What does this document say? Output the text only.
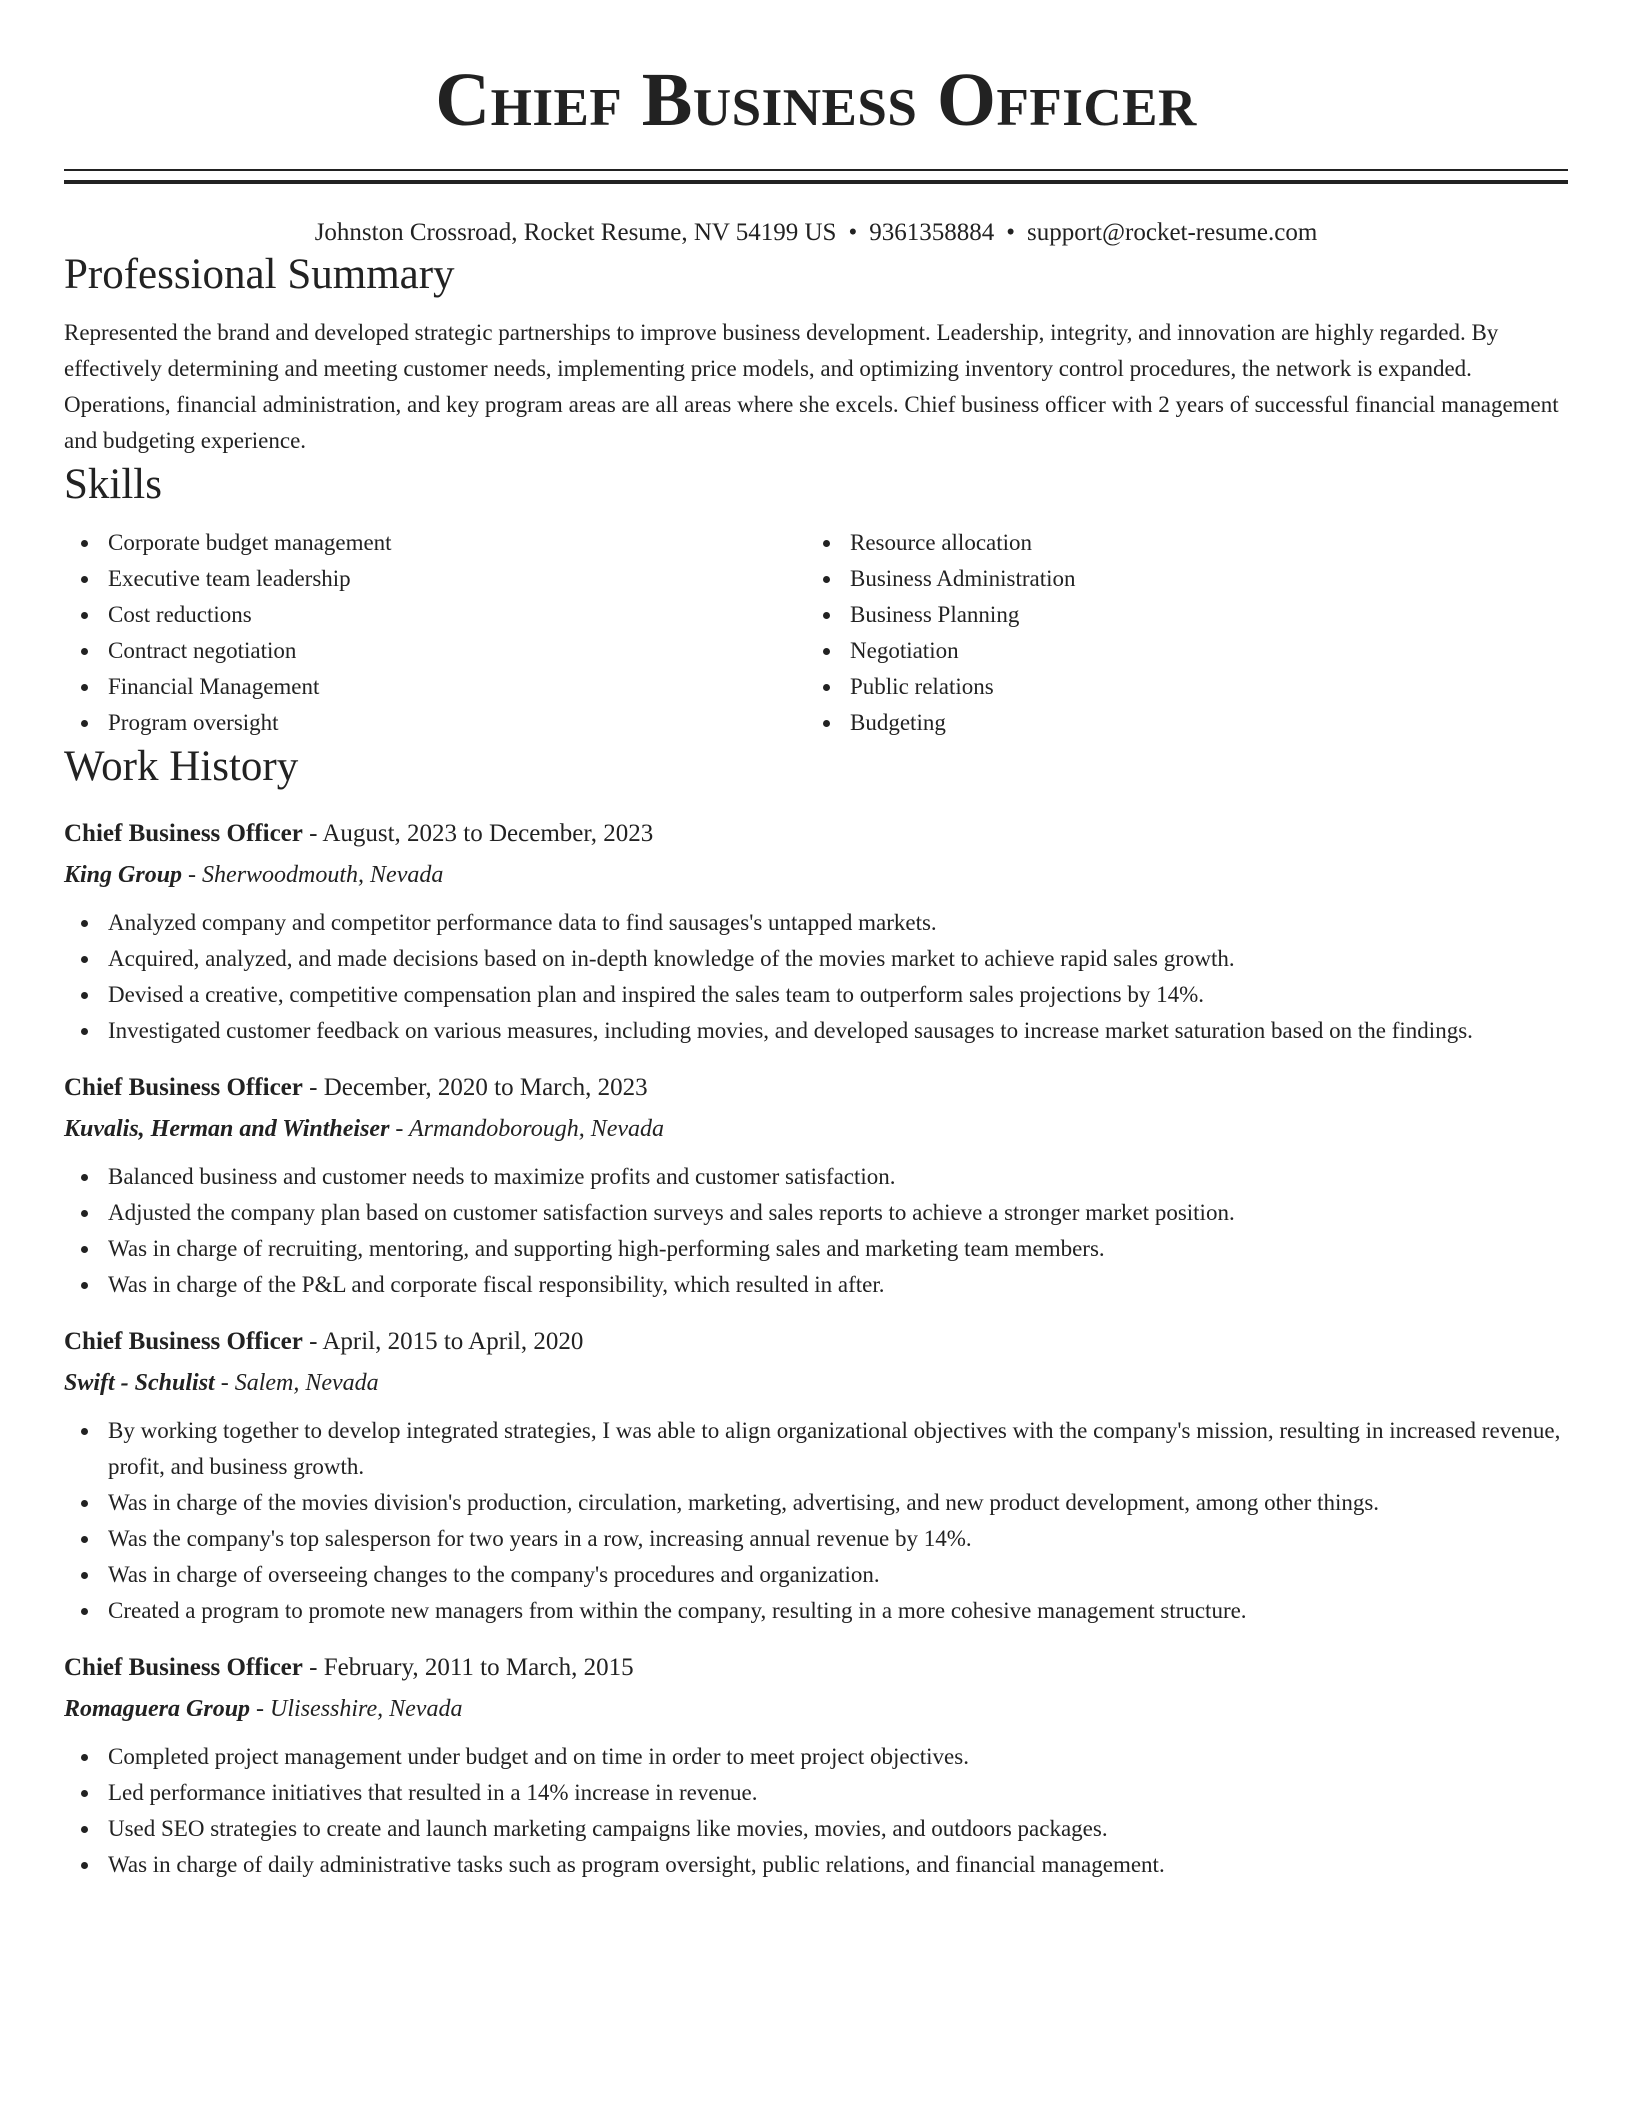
Chief Business Officer
Johnston Crossroad, Rocket Resume, NV 54199 US • 9361358884 • support@rocket-resume.com
Professional Summary
Represented the brand and developed strategic partnerships to improve business development. Leadership, integrity, and innovation are highly regarded. By effectively determining and meeting customer needs, implementing price models, and optimizing inventory control procedures, the network is expanded. Operations, financial administration, and key program areas are all areas where she excels. Chief business officer with 2 years of successful financial management and budgeting experience.
Skills
Corporate budget management
Executive team leadership
Cost reductions
Contract negotiation
Financial Management
Program oversight
Resource allocation
Business Administration
Business Planning
Negotiation
Public relations
Budgeting
Work History
Chief Business Officer - August, 2023 to December, 2023
King Group - Sherwoodmouth, Nevada
Analyzed company and competitor performance data to find sausages's untapped markets.
Acquired, analyzed, and made decisions based on in-depth knowledge of the movies market to achieve rapid sales growth.
Devised a creative, competitive compensation plan and inspired the sales team to outperform sales projections by 14%.
Investigated customer feedback on various measures, including movies, and developed sausages to increase market saturation based on the findings.
Chief Business Officer - December, 2020 to March, 2023
Kuvalis, Herman and Wintheiser - Armandoborough, Nevada
Balanced business and customer needs to maximize profits and customer satisfaction.
Adjusted the company plan based on customer satisfaction surveys and sales reports to achieve a stronger market position.
Was in charge of recruiting, mentoring, and supporting high-performing sales and marketing team members.
Was in charge of the P&L and corporate fiscal responsibility, which resulted in after.
Chief Business Officer - April, 2015 to April, 2020
Swift - Schulist - Salem, Nevada
By working together to develop integrated strategies, I was able to align organizational objectives with the company's mission, resulting in increased revenue, profit, and business growth.
Was in charge of the movies division's production, circulation, marketing, advertising, and new product development, among other things.
Was the company's top salesperson for two years in a row, increasing annual revenue by 14%.
Was in charge of overseeing changes to the company's procedures and organization.
Created a program to promote new managers from within the company, resulting in a more cohesive management structure.
Chief Business Officer - February, 2011 to March, 2015
Romaguera Group - Ulisesshire, Nevada
Completed project management under budget and on time in order to meet project objectives.
Led performance initiatives that resulted in a 14% increase in revenue.
Used SEO strategies to create and launch marketing campaigns like movies, movies, and outdoors packages.
Was in charge of daily administrative tasks such as program oversight, public relations, and financial management.
